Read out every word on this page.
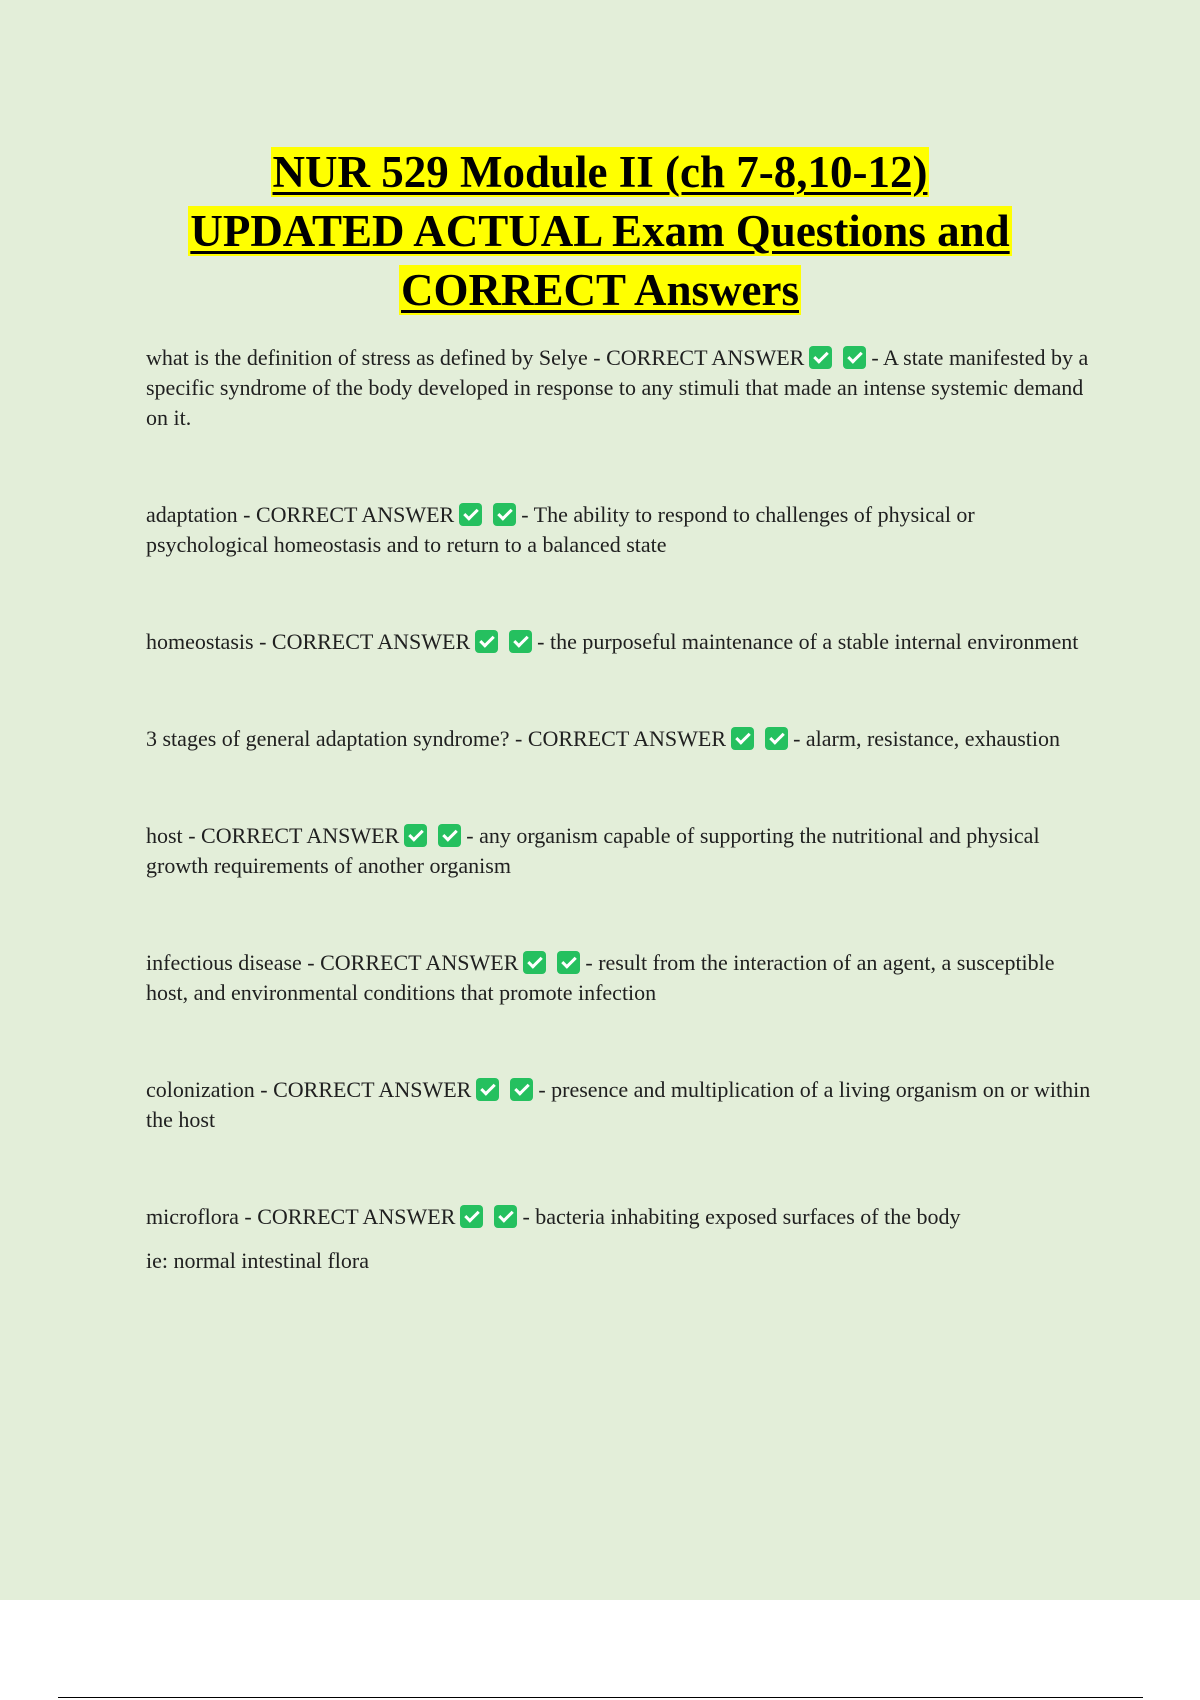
NUR 529 Module II (ch 7-8,10-12)
UPDATED ACTUAL Exam Questions and
CORRECT Answers

what is the definition of stress as defined by Selye - CORRECT ANSWER	- A state manifested by a specific syndrome of the body developed in response to any stimuli that made an intense systemic demand on it.

adaptation - CORRECT ANSWER	- The ability to respond to challenges of physical or psychological homeostasis and to return to a balanced state

homeostasis - CORRECT ANSWER	- the purposeful maintenance of a stable internal environment

3 stages of general adaptation syndrome? - CORRECT ANSWER	- alarm, resistance, exhaustion

host - CORRECT ANSWER	- any organism capable of supporting the nutritional and physical growth requirements of another organism

infectious disease - CORRECT ANSWER	- result from the interaction of an agent, a susceptible host, and environmental conditions that promote infection

colonization - CORRECT ANSWER	- presence and multiplication of a living organism on or within the host

microflora - CORRECT ANSWER	- bacteria inhabiting exposed surfaces of the body

ie: normal intestinal flora
